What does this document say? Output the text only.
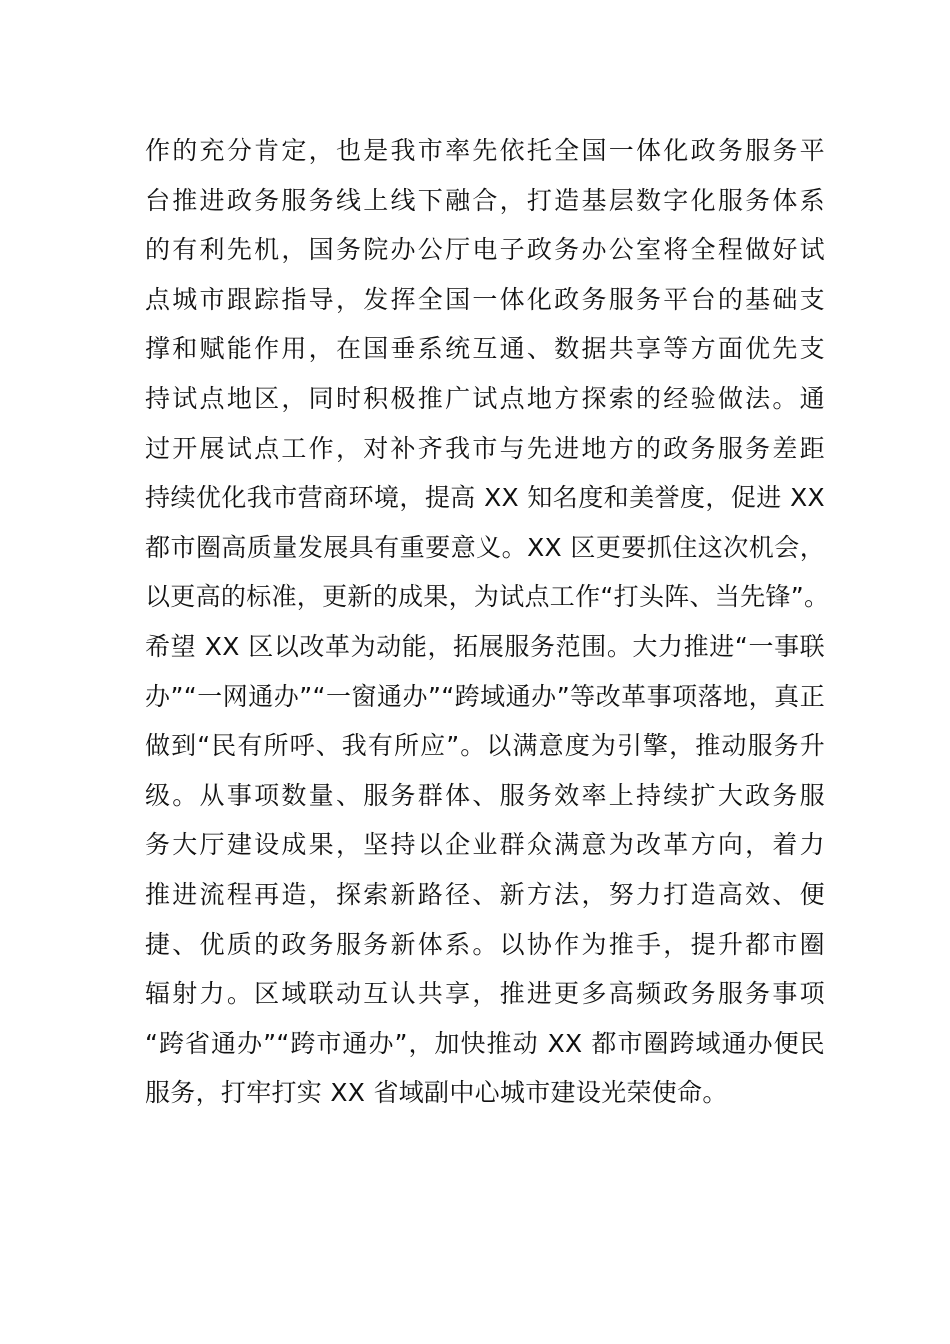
作的充分肯定，也是我市率先依托全国一体化政务服务平
台推进政务服务线上线下融合，打造基层数字化服务体系
的有利先机，国务院办公厅电子政务办公室将全程做好试
点城市跟踪指导，发挥全国一体化政务服务平台的基础支
撑和赋能作用，在国垂系统互通、数据共享等方面优先支
持试点地区，同时积极推广试点地方探索的经验做法。通
过开展试点工作，对补齐我市与先进地方的政务服务差距
持续优化我市营商环境，提高 XX 知名度和美誉度，促进 XX
都市圈高质量发展具有重要意义。XX 区更要抓住这次机会，
以更高的标准，更新的成果，为试点工作“打头阵、当先锋”。
希望 XX 区以改革为动能，拓展服务范围。大力推进“一事联
办”“一网通办”“一窗通办”“跨域通办”等改革事项落地，真正
做到“民有所呼、我有所应”。以满意度为引擎，推动服务升
级。从事项数量、服务群体、服务效率上持续扩大政务服
务大厅建设成果，坚持以企业群众满意为改革方向，着力
推进流程再造，探索新路径、新方法，努力打造高效、便
捷、优质的政务服务新体系。以协作为推手，提升都市圈
辐射力。区域联动互认共享，推进更多高频政务服务事项
“跨省通办”“跨市通办”，加快推动 XX 都市圈跨域通办便民
服务，打牢打实 XX 省域副中心城市建设光荣使命。
